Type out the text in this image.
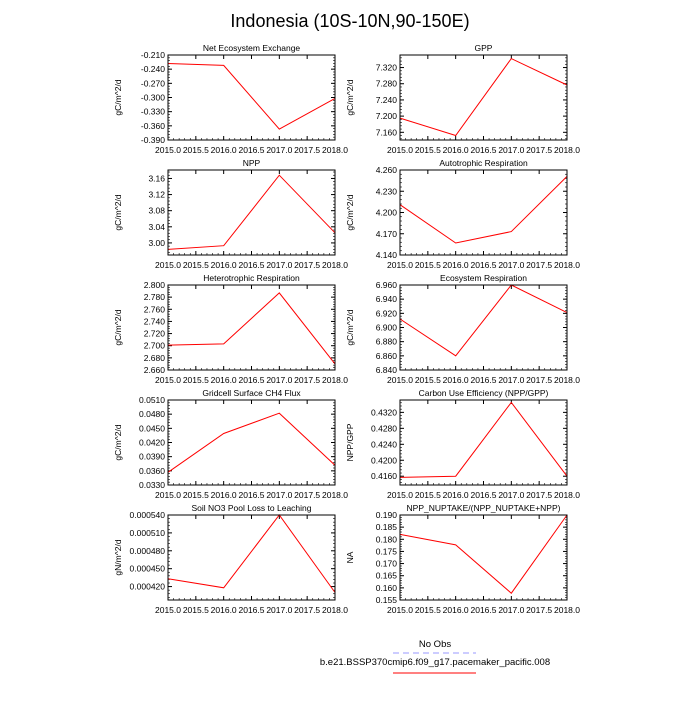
Indonesia (10S-10N,90-150E)
Net Ecosystem Exchange
gC/m^2/d
2015.0 2015.5 2016.0 2016.5 2017.0 2017.5 2018.0
-0.210
-0.240
-0.270
-0.300
-0.330
-0.360
-0.390
GPP
gC/m^2/d
2015.0 2015.5 2016.0 2016.5 2017.0 2017.5 2018.0
7.160
7.200
7.240
7.280
7.320
NPP
gC/m^2/d
2015.0 2015.5 2016.0 2016.5 2017.0 2017.5 2018.0
3.00
3.04
3.08
3.12
3.16
Autotrophic Respiration
gC/m^2/d
2015.0 2015.5 2016.0 2016.5 2017.0 2017.5 2018.0
4.140
4.170
4.200
4.230
4.260
Heterotrophic Respiration
gC/m^2/d
2015.0 2015.5 2016.0 2016.5 2017.0 2017.5 2018.0
2.660
2.680
2.700
2.720
2.740
2.760
2.780
2.800
Ecosystem Respiration
gC/m^2/d
2015.0 2015.5 2016.0 2016.5 2017.0 2017.5 2018.0
6.840
6.860
6.880
6.900
6.920
6.940
6.960
Gridcell Surface CH4 Flux
gC/m^2/d
2015.0 2015.5 2016.0 2016.5 2017.0 2017.5 2018.0
0.0330
0.0360
0.0390
0.0420
0.0450
0.0480
0.0510
Carbon Use Efficiency (NPP/GPP)
NPP/GPP
2015.0 2015.5 2016.0 2016.5 2017.0 2017.5 2018.0
0.4160
0.4200
0.4240
0.4280
0.4320
Soil NO3 Pool Loss to Leaching
gN/m^2/d
2015.0 2015.5 2016.0 2016.5 2017.0 2017.5 2018.0
0.000420
0.000450
0.000480
0.000510
0.000540
NPP_NUPTAKE/(NPP_NUPTAKE+NPP)
NA
2015.0 2015.5 2016.0 2016.5 2017.0 2017.5 2018.0
0.155
0.160
0.165
0.170
0.175
0.180
0.185
0.190
No Obs
b.e21.BSSP370cmip6.f09_g17.pacemaker_pacific.008
